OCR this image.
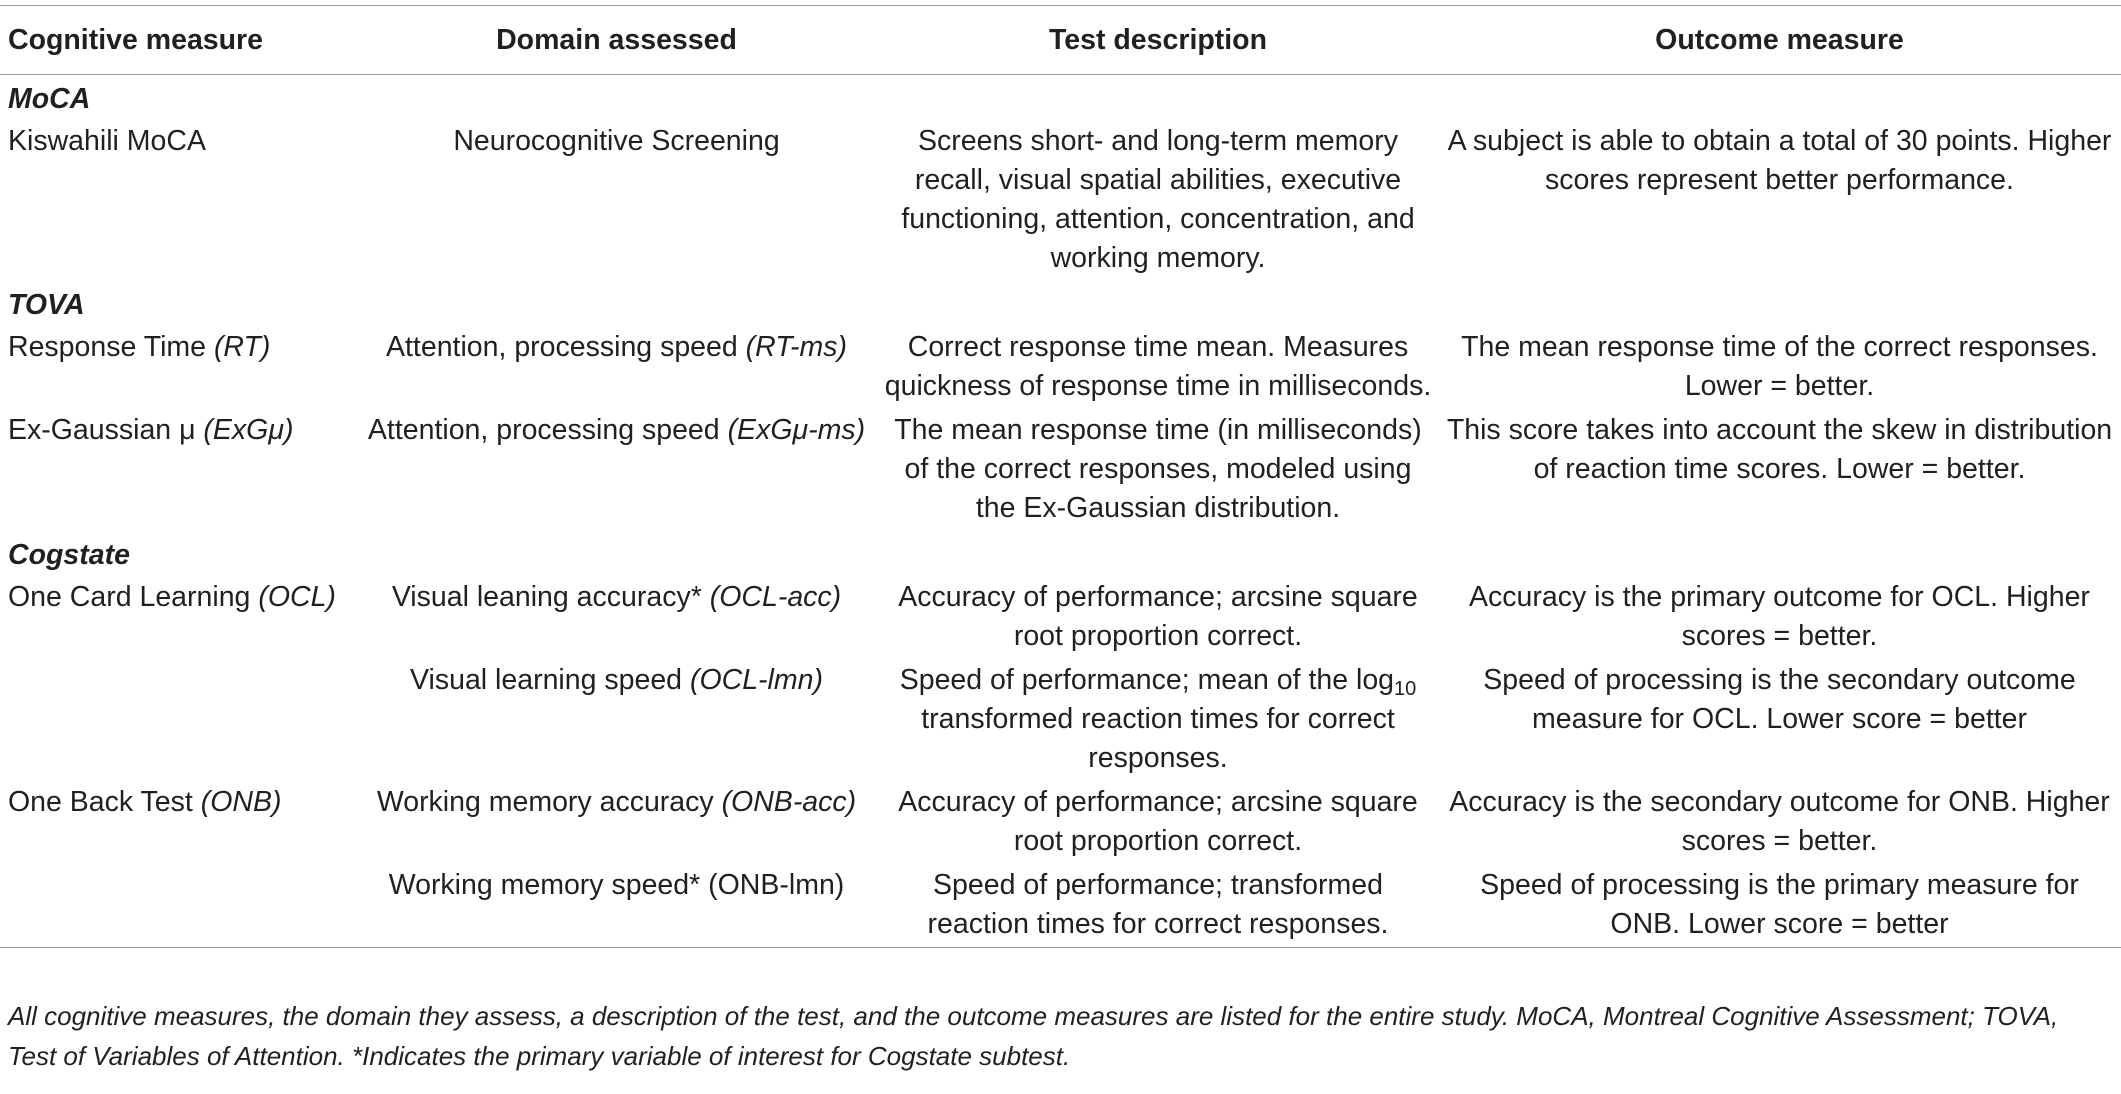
Cognitive measure	Domain assessed	Test description	Outcome measure
MoCA			
Kiswahili MoCA	Neurocognitive Screening	Screens short- and long-term memory recall, visual spatial abilities, executive functioning, attention, concentration, and working memory.	A subject is able to obtain a total of 30 points. Higher scores represent better performance.
TOVA			
Response Time (RT)	Attention, processing speed (RT-ms)	Correct response time mean. Measures quickness of response time in milliseconds.	The mean response time of the correct responses. Lower = better.
Ex-Gaussian μ (ExGμ)	Attention, processing speed (ExGμ-ms)	The mean response time (in milliseconds) of the correct responses, modeled using the Ex-Gaussian distribution.	This score takes into account the skew in distribution of reaction time scores. Lower = better.
Cogstate			
One Card Learning (OCL)	Visual leaning accuracy* (OCL-acc)	Accuracy of performance; arcsine square root proportion correct.	Accuracy is the primary outcome for OCL. Higher scores = better.
	Visual learning speed (OCL-lmn)	Speed of performance; mean of the $\log_{10}$ transformed reaction times for correct responses.	Speed of processing is the secondary outcome measure for OCL. Lower score = better
One Back Test (ONB)	Working memory accuracy (ONB-acc)	Accuracy of performance; arcsine square root proportion correct.	Accuracy is the secondary outcome for ONB. Higher scores = better.
	Working memory speed* (ONB-lmn)	Speed of performance; transformed reaction times for correct responses.	Speed of processing is the primary measure for ONB. Lower score = better
All cognitive measures, the domain they assess, a description of the test, and the outcome measures are listed for the entire study. MoCA, Montreal Cognitive Assessment; TOVA, Test of Variables of Attention. *Indicates the primary variable of interest for Cogstate subtest.
